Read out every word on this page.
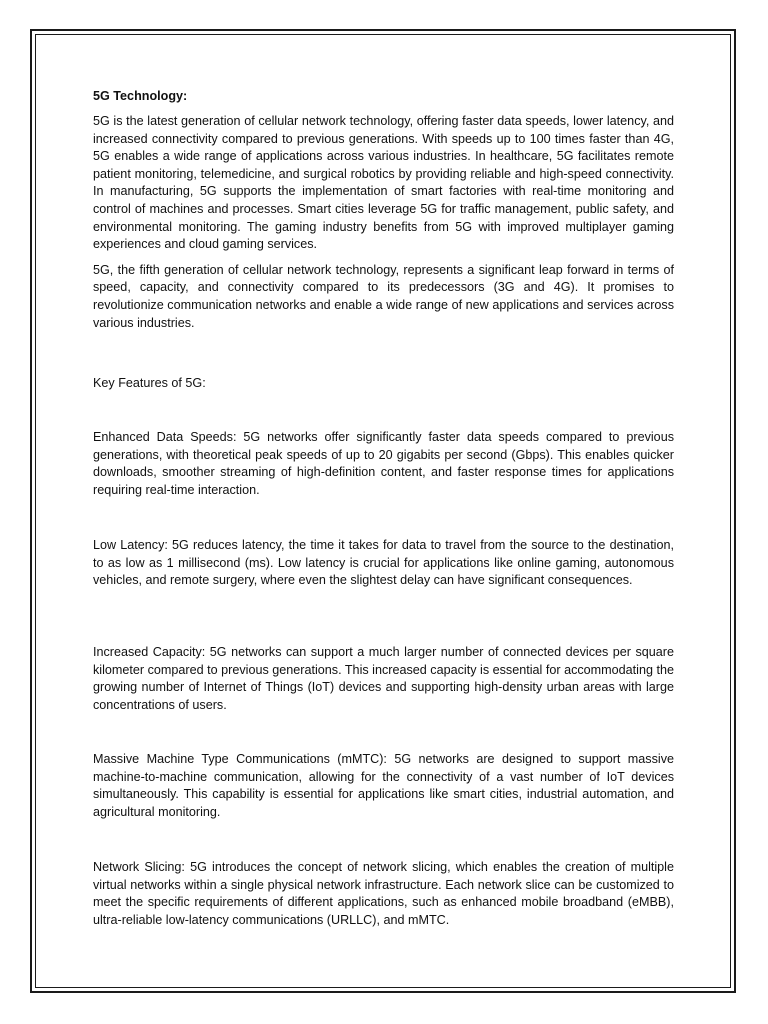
5G Technology:

5G is the latest generation of cellular network technology, offering faster data speeds, lower latency, and increased connectivity compared to previous generations. With speeds up to 100 times faster than 4G, 5G enables a wide range of applications across various industries. In healthcare, 5G facilitates remote patient monitoring, telemedicine, and surgical robotics by providing reliable and high-speed connectivity. In manufacturing, 5G supports the implementation of smart factories with real-time monitoring and control of machines and processes. Smart cities leverage 5G for traffic management, public safety, and environmental monitoring. The gaming industry benefits from 5G with improved multiplayer gaming experiences and cloud gaming services.

5G, the fifth generation of cellular network technology, represents a significant leap forward in terms of speed, capacity, and connectivity compared to its predecessors (3G and 4G). It promises to revolutionize communication networks and enable a wide range of new applications and services across various industries.

Key Features of 5G:

Enhanced Data Speeds: 5G networks offer significantly faster data speeds compared to previous generations, with theoretical peak speeds of up to 20 gigabits per second (Gbps). This enables quicker downloads, smoother streaming of high-definition content, and faster response times for applications requiring real-time interaction.

Low Latency: 5G reduces latency, the time it takes for data to travel from the source to the destination, to as low as 1 millisecond (ms). Low latency is crucial for applications like online gaming, autonomous vehicles, and remote surgery, where even the slightest delay can have significant consequences.

Increased Capacity: 5G networks can support a much larger number of connected devices per square kilometer compared to previous generations. This increased capacity is essential for accommodating the growing number of Internet of Things (IoT) devices and supporting high-density urban areas with large concentrations of users.

Massive Machine Type Communications (mMTC): 5G networks are designed to support massive machine-to-machine communication, allowing for the connectivity of a vast number of IoT devices simultaneously. This capability is essential for applications like smart cities, industrial automation, and agricultural monitoring.

Network Slicing: 5G introduces the concept of network slicing, which enables the creation of multiple virtual networks within a single physical network infrastructure. Each network slice can be customized to meet the specific requirements of different applications, such as enhanced mobile broadband (eMBB), ultra-reliable low-latency communications (URLLC), and mMTC.
